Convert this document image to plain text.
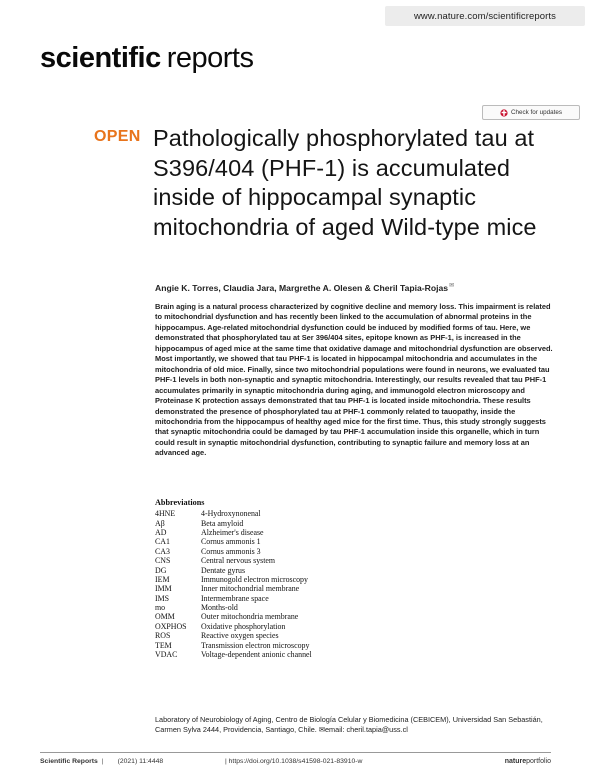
www.nature.com/scientificreports
scientific reports
Check for updates
OPEN Pathologically phosphorylated tau at S396/404 (PHF-1) is accumulated inside of hippocampal synaptic mitochondria of aged Wild-type mice
Angie K. Torres, Claudia Jara, Margrethe A. Olesen & Cheril Tapia-Rojas✉

Brain aging is a natural process characterized by cognitive decline and memory loss. This impairment is related to mitochondrial dysfunction and has recently been linked to the accumulation of abnormal proteins in the hippocampus. Age-related mitochondrial dysfunction could be induced by modified forms of tau. Here, we demonstrated that phosphorylated tau at Ser 396/404 sites, epitope known as PHF-1, is increased in the hippocampus of aged mice at the same time that oxidative damage and mitochondrial dysfunction are observed. Most importantly, we showed that tau PHF-1 is located in hippocampal mitochondria and accumulates in the mitochondria of old mice. Finally, since two mitochondrial populations were found in neurons, we evaluated tau PHF-1 levels in both non-synaptic and synaptic mitochondria. Interestingly, our results revealed that tau PHF-1 accumulates primarily in synaptic mitochondria during aging, and immunogold electron microscopy and Proteinase K protection assays demonstrated that tau PHF-1 is located inside mitochondria. These results demonstrated the presence of phosphorylated tau at PHF-1 commonly related to tauopathy, inside the mitochondria from the hippocampus of healthy aged mice for the first time. Thus, this study strongly suggests that synaptic mitochondria could be damaged by tau PHF-1 accumulation inside this organelle, which in turn could result in synaptic mitochondrial dysfunction, contributing to synaptic failure and memory loss at an advanced age.

Abbreviations
4HNE	4-Hydroxynonenal
Aβ	Beta amyloid
AD	Alzheimer's disease
CA1	Cornus ammonis 1
CA3	Cornus ammonis 3
CNS	Central nervous system
DG	Dentate gyrus
IEM	Immunogold electron microscopy
IMM	Inner mitochondrial membrane
IMS	Intermembrane space
mo	Months-old
OMM	Outer mitochondria membrane
OXPHOS	Oxidative phosphorylation
ROS	Reactive oxygen species
TEM	Transmission electron microscopy
VDAC	Voltage-dependent anionic channel

Laboratory of Neurobiology of Aging, Centro de Biología Celular y Biomedicina (CEBICEM), Universidad San Sebastián, Carmen Sylva 2444, Providencia, Santiago, Chile. ✉email: cheril.tapia@uss.cl

Scientific Reports | (2021) 11:4448	| https://doi.org/10.1038/s41598-021-83910-w	natureportfolio
